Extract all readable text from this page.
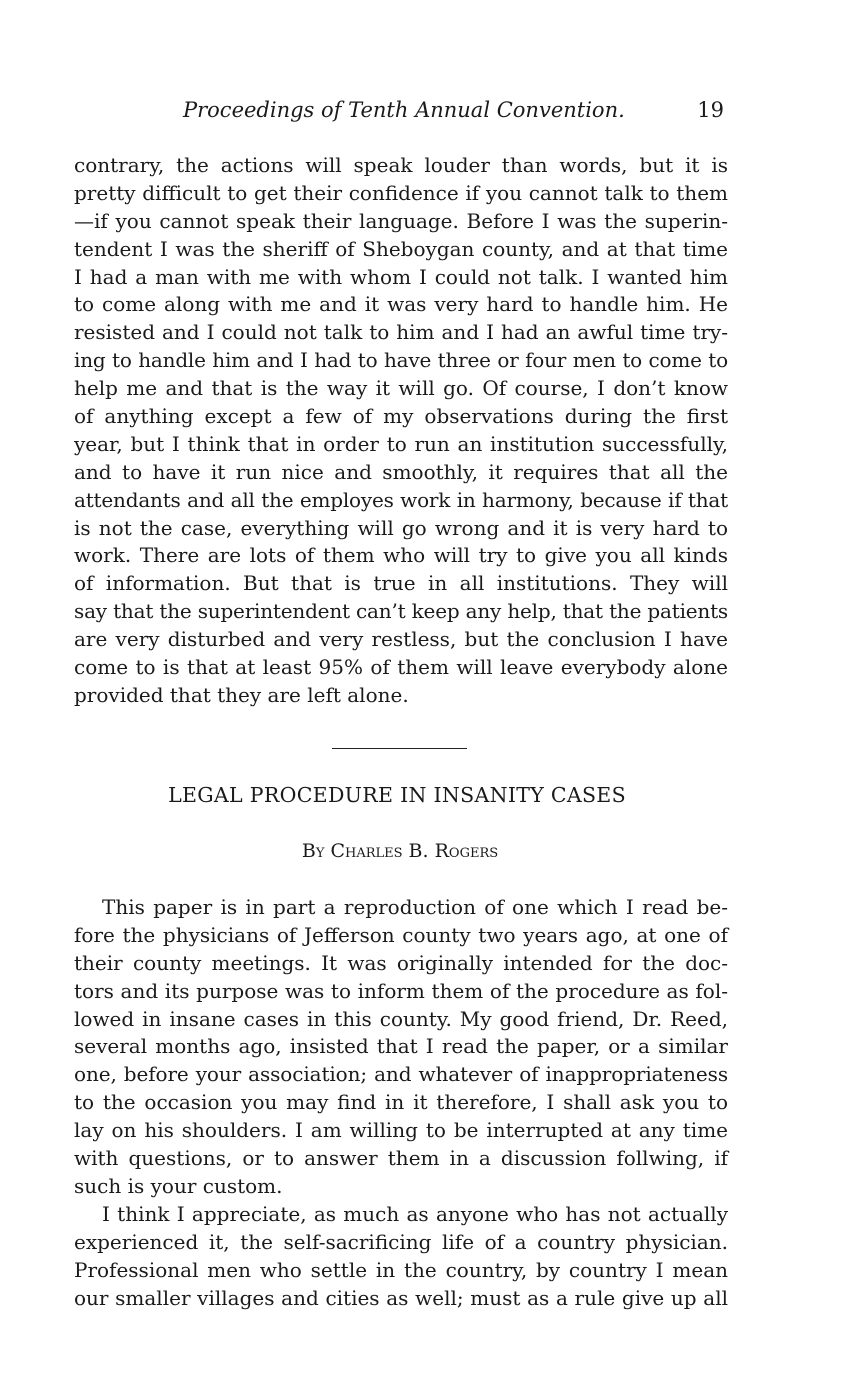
Proceedings of Tenth Annual Convention.	19
contrary, the actions will speak louder than words, but it is
pretty difficult to get their confidence if you cannot talk to them
—if you cannot speak their language. Before I was the superin-
tendent I was the sheriff of Sheboygan county, and at that time
I had a man with me with whom I could not talk. I wanted him
to come along with me and it was very hard to handle him. He
resisted and I could not talk to him and I had an awful time try-
ing to handle him and I had to have three or four men to come to
help me and that is the way it will go. Of course, I don’t know
of anything except a few of my observations during the first
year, but I think that in order to run an institution successfully,
and to have it run nice and smoothly, it requires that all the
attendants and all the employes work in harmony, because if that
is not the case, everything will go wrong and it is very hard to
work. There are lots of them who will try to give you all kinds
of information. But that is true in all institutions. They will
say that the superintendent can’t keep any help, that the patients
are very disturbed and very restless, but the conclusion I have
come to is that at least 95% of them will leave everybody alone
provided that they are left alone.
LEGAL PROCEDURE IN INSANITY CASES
By Charles B. Rogers
This paper is in part a reproduction of one which I read be-
fore the physicians of Jefferson county two years ago, at one of
their county meetings. It was originally intended for the doc-
tors and its purpose was to inform them of the procedure as fol-
lowed in insane cases in this county. My good friend, Dr. Reed,
several months ago, insisted that I read the paper, or a similar
one, before your association; and whatever of inappropriateness
to the occasion you may find in it therefore, I shall ask you to
lay on his shoulders. I am willing to be interrupted at any time
with questions, or to answer them in a discussion follwing, if
such is your custom.
I think I appreciate, as much as anyone who has not actually
experienced it, the self-sacrificing life of a country physician.
Professional men who settle in the country, by country I mean
our smaller villages and cities as well; must as a rule give up all
